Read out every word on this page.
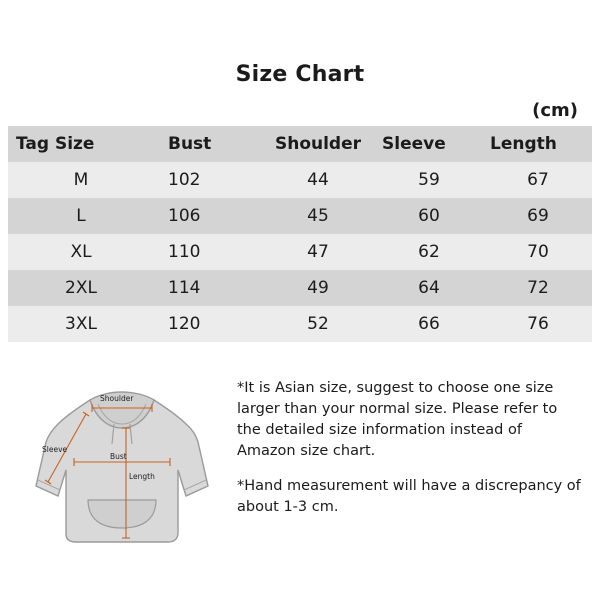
Size Chart
(cm)
Tag Size	Bust	Shoulder	Sleeve	Length
M	102	44	59	67
L	106	45	60	69
XL	110	47	62	70
2XL	114	49	64	72
3XL	120	52	66	76

*It is Asian size, suggest to choose one size larger than your normal size. Please refer to the detailed size information instead of Amazon size chart.

*Hand measurement will have a discrepancy of about 1-3 cm.

Shoulder
Sleeve
Bust
Length
